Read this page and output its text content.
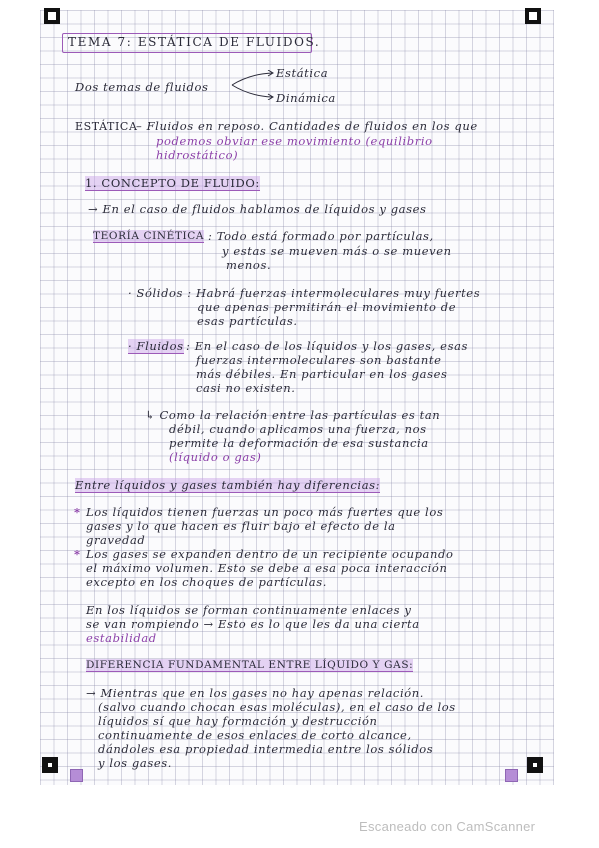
TEMA 7: ESTÁTICA DE FLUIDOS.
Dos temas de fluidos
Estática
Dinámica
ESTÁTICA
– Fluidos en reposo. Cantidades de fluidos en los que
podemos obviar ese movimiento (equilibrio
hidrostático)
1. CONCEPTO DE FLUIDO:
→ En el caso de fluidos hablamos de líquidos y gases
TEORÍA CINÉTICA : Todo está formado por partículas,
y estas se mueven más o se mueven
menos.
· Sólidos : Habrá fuerzas intermoleculares muy fuertes
que apenas permitirán el movimiento de
esas partículas.
· Fluidos : En el caso de los líquidos y los gases, esas
fuerzas intermoleculares son bastante
más débiles. En particular en los gases
casi no existen.
↳ Como la relación entre las partículas es tan
débil, cuando aplicamos una fuerza, nos
permite la deformación de esa sustancia
(líquido o gas)
Entre líquidos y gases también hay diferencias:
* Los líquidos tienen fuerzas un poco más fuertes que los
gases y lo que hacen es fluir bajo el efecto de la
gravedad
* Los gases se expanden dentro de un recipiente ocupando
el máximo volumen. Esto se debe a esa poca interacción
excepto en los choques de partículas.
En los líquidos se forman continuamente enlaces y
se van rompiendo → Esto es lo que les da una cierta
estabilidad
DIFERENCIA FUNDAMENTAL ENTRE LÍQUIDO Y GAS:
→ Mientras que en los gases no hay apenas relación.
(salvo cuando chocan esas moléculas), en el caso de los
líquidos sí que hay formación y destrucción
continuamente de esos enlaces de corto alcance,
dándoles esa propiedad intermedia entre los sólidos
y los gases.
Escaneado con CamScanner
